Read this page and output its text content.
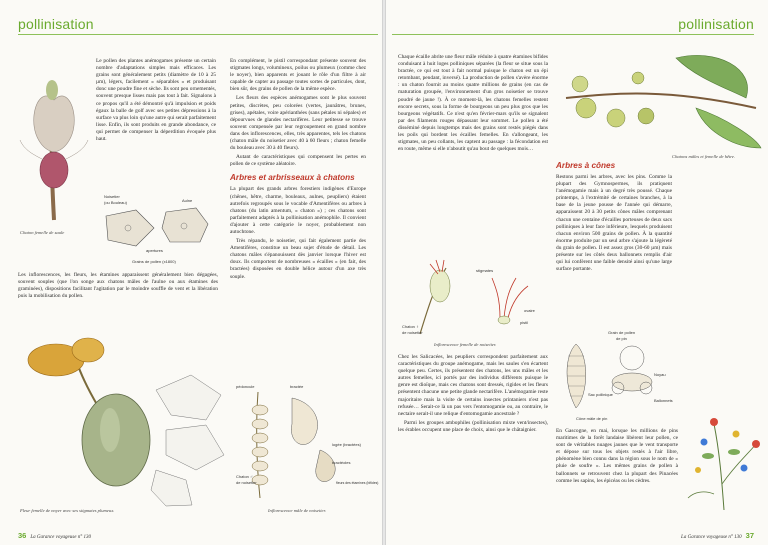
pollinisation
Chaton femelle de saule

Le pollen des plantes anémogames présente un certain nombre d'adaptations simples mais efficaces. Les grains sont généralement petits (diamètre de 10 à 25 µm), légers, facilement « séparables » et produisant donc une poudre fine et sèche. Ils sont peu ornementés, souvent presque lisses mais pas tout à fait. Signalons à ce propos qu'il a été démontré qu'à impulsion et poids égaux la balle de golf avec ses petites dépressions à la surface va plus loin qu'une autre qui serait parfaitement lisse. Enfin, ils sont produits en grande abondance, ce qui permet de compenser la déperdition évoquée plus haut.

Noisetier
(ou Bouleau)	Aulne
apertures
Grains de pollen (x1800)

Les inflorescences, les fleurs, les étamines apparaissent généralement bien dégagées, souvent souples (que l'on songe aux chatons mâles de l'aulne ou aux étamines des graminées), dispositions facilitant l'agitation par le moindre souffle de vent et la libération puis la mobilisation du pollen.

Fleur femelle de noyer avec ses stigmates plumeux.

En complément, le pistil correspondant présente souvent des stigmates longs, volumineux, poilus ou plumeux (comme chez le noyer), bien apparents et jouant le rôle d'un filtre à air capable de capter au passage toutes sortes de particules, dont, bien sûr, des grains de pollen de la même espèce.

Les fleurs des espèces anémogames sont le plus souvent petites, discrètes, peu colorées (vertes, jaunâtres, brunes, grises), apétales, voire apérianthées (sans pétales ni sépales) et dépourvues de glandes nectarifères. Leur petitesse se trouve souvent compensée par leur regroupement en grand nombre dans des inflorescences, elles, très apparentes, tels les chatons (chaton mâle du noisetier avec 40 à 60 fleurs ; chaton femelle du bouleau avec 30 à 40 fleurs).

Autant de caractéristiques qui compensent les pertes en pollen de ce système aléatoire.

Arbres et arbrisseaux à chatons

La plupart des grands arbres forestiers indigènes d'Europe (chênes, hêtre, charme, bouleaux, aulnes, peupliers) étaient autrefois regroupés sous le vocable d'Amentifères ou arbres à chatons (du latin amentum, « chaton ») ; ces chatons sont parfaitement adaptés à la pollinisation anémophile. Il convient d'ajouter à cette catégorie le noyer, probablement non autochtone.

Très répandu, le noisetier, qui fait également partie des Amentifères, constitue un beau sujet d'étude de détail. Les chatons mâles s'épanouissent dès janvier lorsque l'hiver est doux. Ils comportent de nombreuses « écailles » (en fait, des bractées) disposées en double hélice autour d'un axe très souple.

pédoncule	bractée
Chaton ♂
de noisetier
logée (bractées)
bractéoles
fleurs des étamines (bifides)
Inflorescence mâle de noisetier.
36 La Garance voyageuse n° 130
pollinisation

Chaque écaille abrite une fleur mâle réduite à quatre étamines bifides conduisant à huit loges polliniques séparées (la fleur se situe sous la bractée, ce qui est tout à fait normal puisque le chaton est un épi retombant, pendant, inversé). La production de pollen s'avère énorme : un chaton fournit au moins quatre millions de grains (en cas de maturation groupée, l'environnement d'un gros noisetier se trouve poudré de jaune !). À ce moment-là, les chatons femelles restent encore secrets, sous la forme de bourgeons un peu plus gros que les bourgeons végétatifs. Ce n'est qu'en février-mars qu'ils se signalent par des filaments rouges dépassant leur sommet. Le pollen a été disséminé depuis longtemps mais des grains sont restés piégés dans les poils qui bordent les écailles femelles. En s'allongeant, les stigmates, un peu collants, les captent au passage : la fécondation est en route, même si elle n'aboutit qu'au bout de quelques mois…

stigmates
ovaire
pistil
Chaton ♀
de noisetier
Inflorescence femelle de noisetier.

Chez les Salicacées, les peupliers correspondent parfaitement aux caractéristiques du groupe anémogame, mais les saules s'en écartent quelque peu. Certes, ils présentent des chatons, les uns mâles et les autres femelles, ici portés par des individus différents puisque le genre est dioïque, mais ces chatons sont dressés, rigides et les fleurs présentent chacune une petite glande nectarifère. L'anémogamie reste majoritaire mais la visite de certains insectes printaniers n'est pas refusée… Serait-ce là un pas vers l'entomogamie ou, au contraire, le nectaire serait-il une relique d'entomogamie ancestrale ?

Parmi les groupes ambophiles (pollinisation mixte vent/insectes), les érables occupent une place de choix, ainsi que le châtaignier.

Chatons mâles et femelle de hêtre.
Arbres à cônes

Restons parmi les arbres, avec les pins. Comme la plupart des Gymnospermes, ils pratiquent l'anémogamie mais à un degré très poussé. Chaque printemps, à l'extrémité de certaines branches, à la base de la jeune pousse de l'année qui démarre, apparaissent 20 à 30 petits cônes mâles comprenant chacun une centaine d'écailles porteuses de deux sacs polliniques à leur face inférieure, lesquels produisent chacun environ 500 grains de pollen. À la quantité énorme produite par un seul arbre s'ajoute la légèreté du grain de pollen. Il est assez gros (30-60 µm) mais présente sur les côtés deux ballonnets remplis d'air qui lui confèrent une faible densité ainsi qu'une large surface portante.

Grain de pollen
de pin
Noyau
Ballonnets
Sac pollinique
Cône mâle de pin

En Gascogne, en mai, lorsque les millions de pins maritimes de la forêt landaise libèrent leur pollen, ce sont de véritables nuages jaunes que le vent transporte et dépose sur tous les objets restés à l'air libre, phénomène bien connu dans la région sous le nom de « pluie de soufre ». Les mêmes grains de pollen à ballonnets se retrouvent chez la plupart des Pinacées comme les sapins, les épicéas ou les cèdres.

La Garance voyageuse n° 130 37
